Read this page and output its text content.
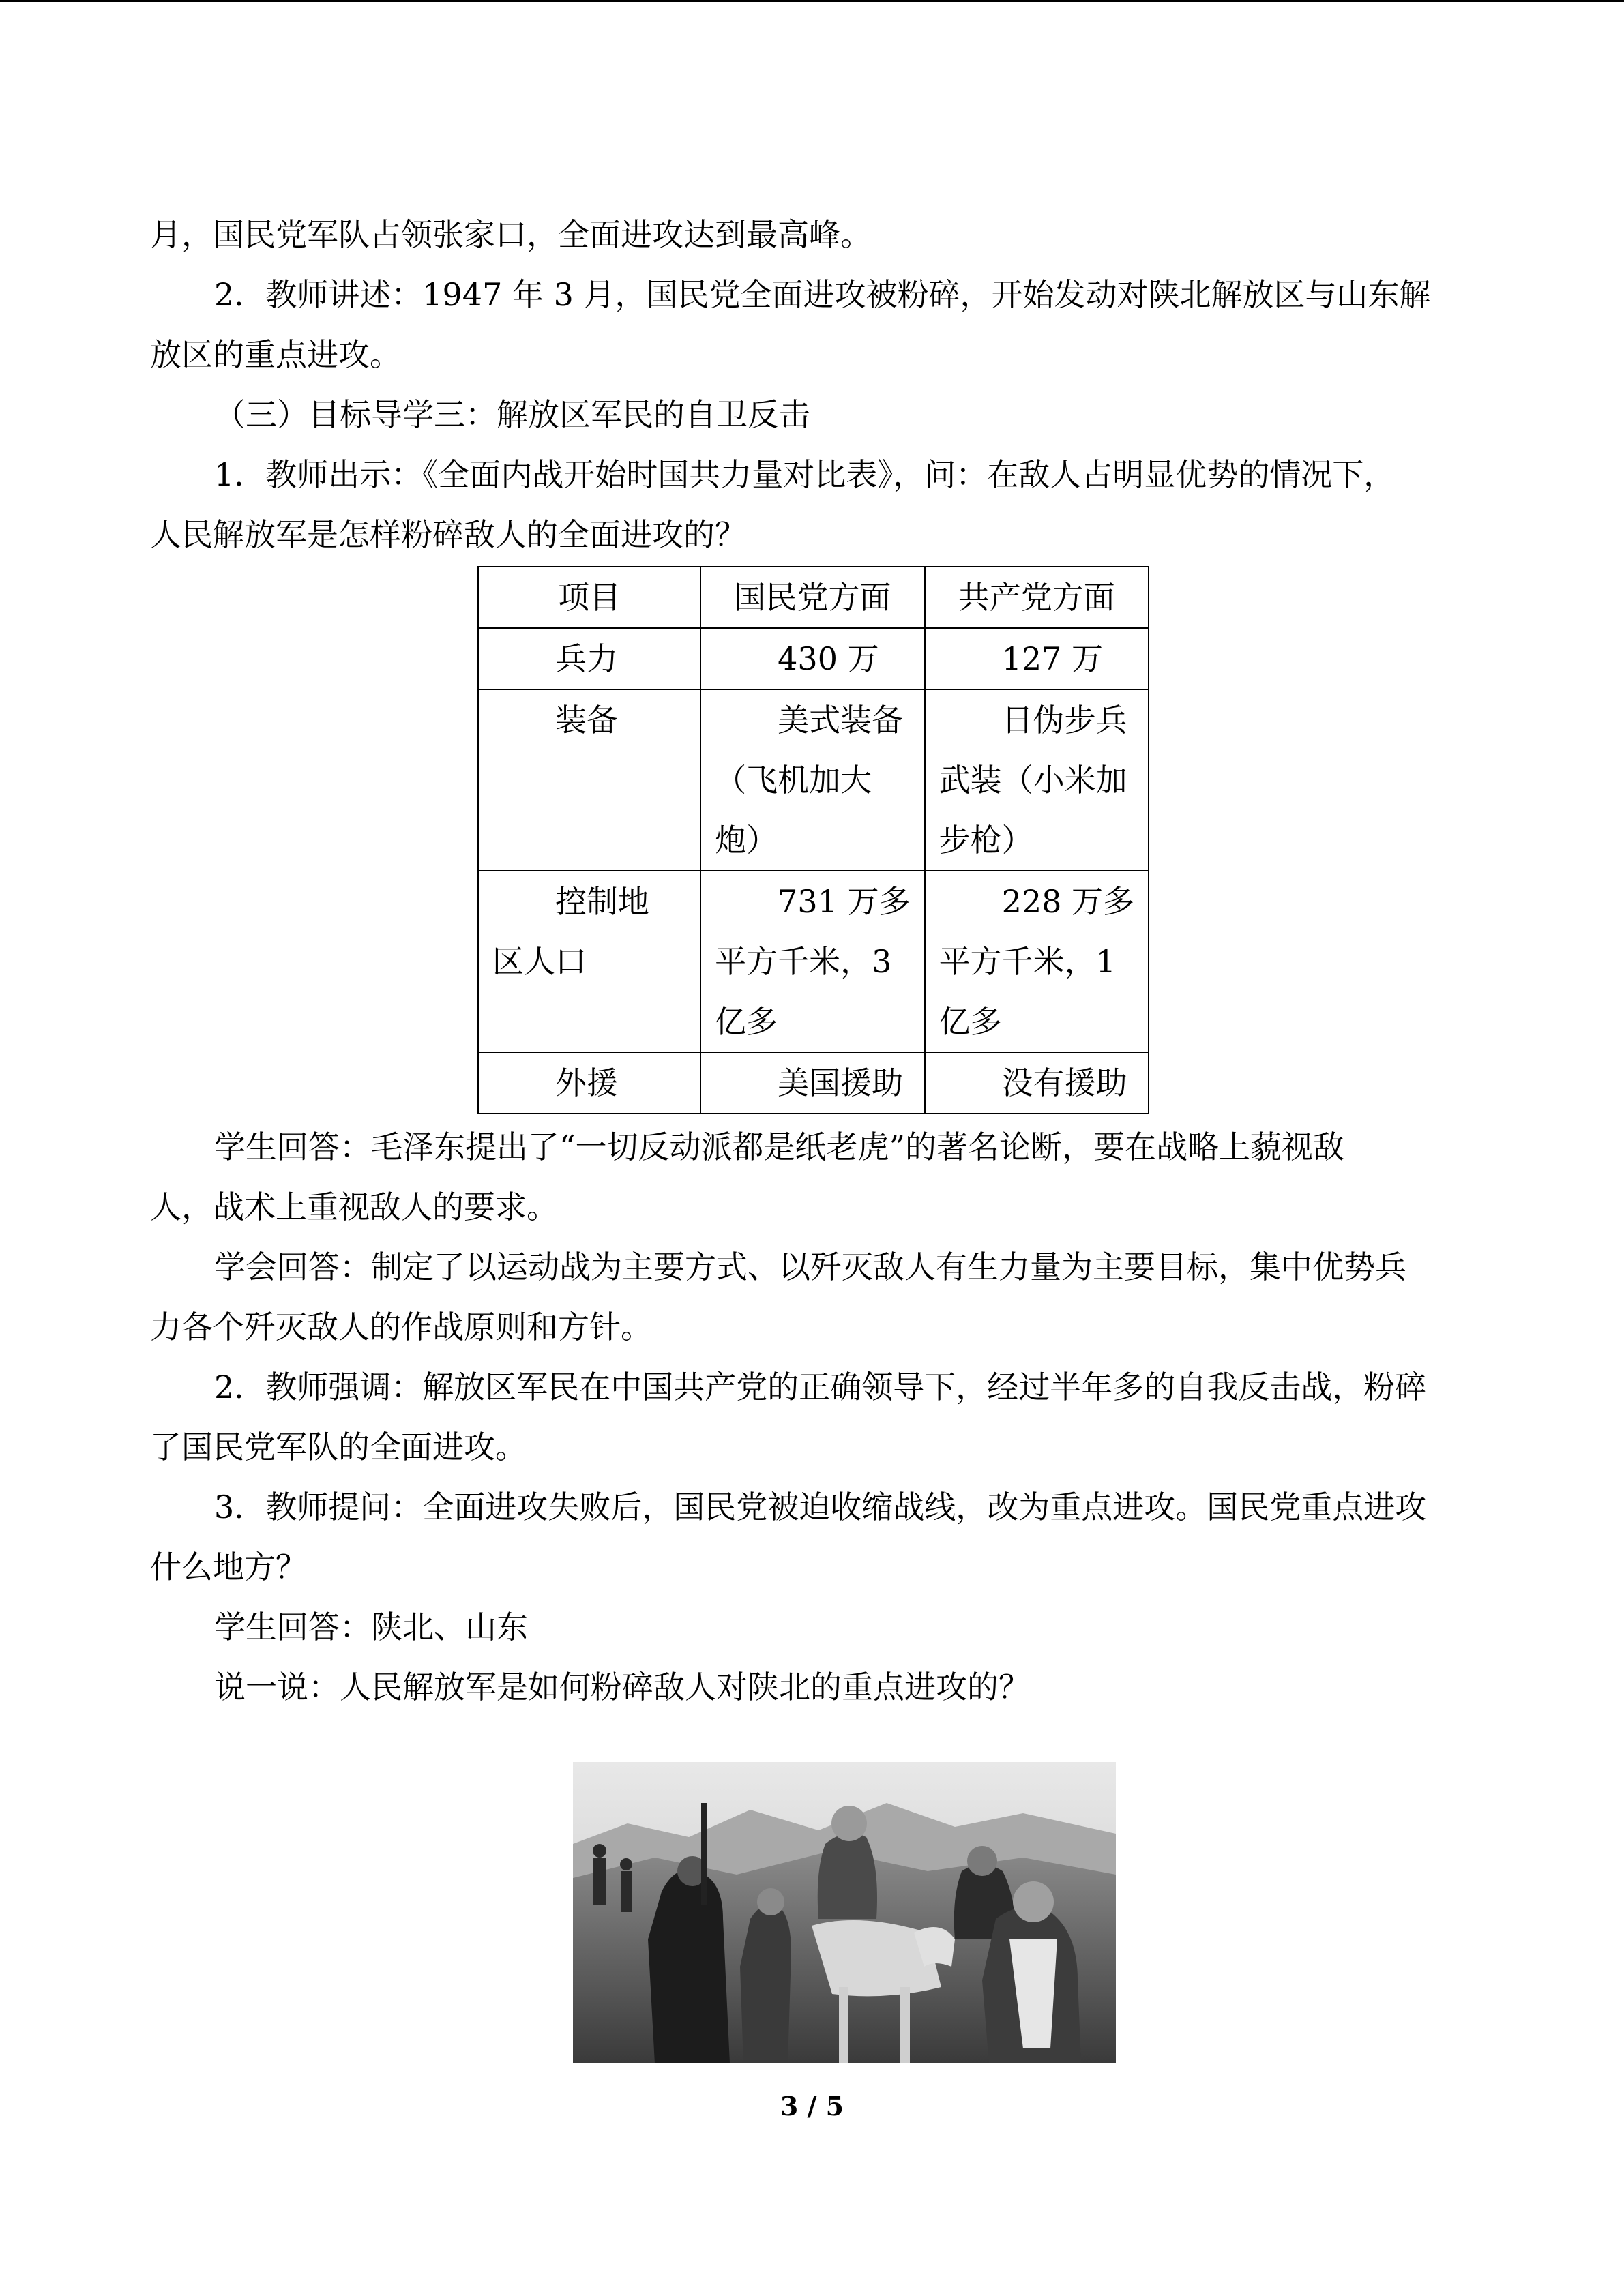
月，国民党军队占领张家口，全面进攻达到最高峰。
2．教师讲述：1947 年 3 月，国民党全面进攻被粉碎，开始发动对陕北解放区与山东解
放区的重点进攻。
（三）目标导学三：解放区军民的自卫反击
1．教师出示：《全面内战开始时国共力量对比表》，问：在敌人占明显优势的情况下，
人民解放军是怎样粉碎敌人的全面进攻的？
项目	国民党方面	共产党方面

兵力	430 万	127 万

装备	美式装备
（飞机加大
炮）	日伪步兵
武装（小米加
步枪）

控制地
区人口	731 万多
平方千米，3
亿多	228 万多
平方千米，1
亿多

外援	美国援助	没有援助
学生回答：毛泽东提出了“一切反动派都是纸老虎”的著名论断，要在战略上藐视敌
人，战术上重视敌人的要求。
学会回答：制定了以运动战为主要方式、以歼灭敌人有生力量为主要目标，集中优势兵
力各个歼灭敌人的作战原则和方针。
2．教师强调：解放区军民在中国共产党的正确领导下，经过半年多的自我反击战，粉碎
了国民党军队的全面进攻。
3．教师提问：全面进攻失败后，国民党被迫收缩战线，改为重点进攻。国民党重点进攻
什么地方？
学生回答：陕北、山东
说一说：人民解放军是如何粉碎敌人对陕北的重点进攻的？
3 / 5
